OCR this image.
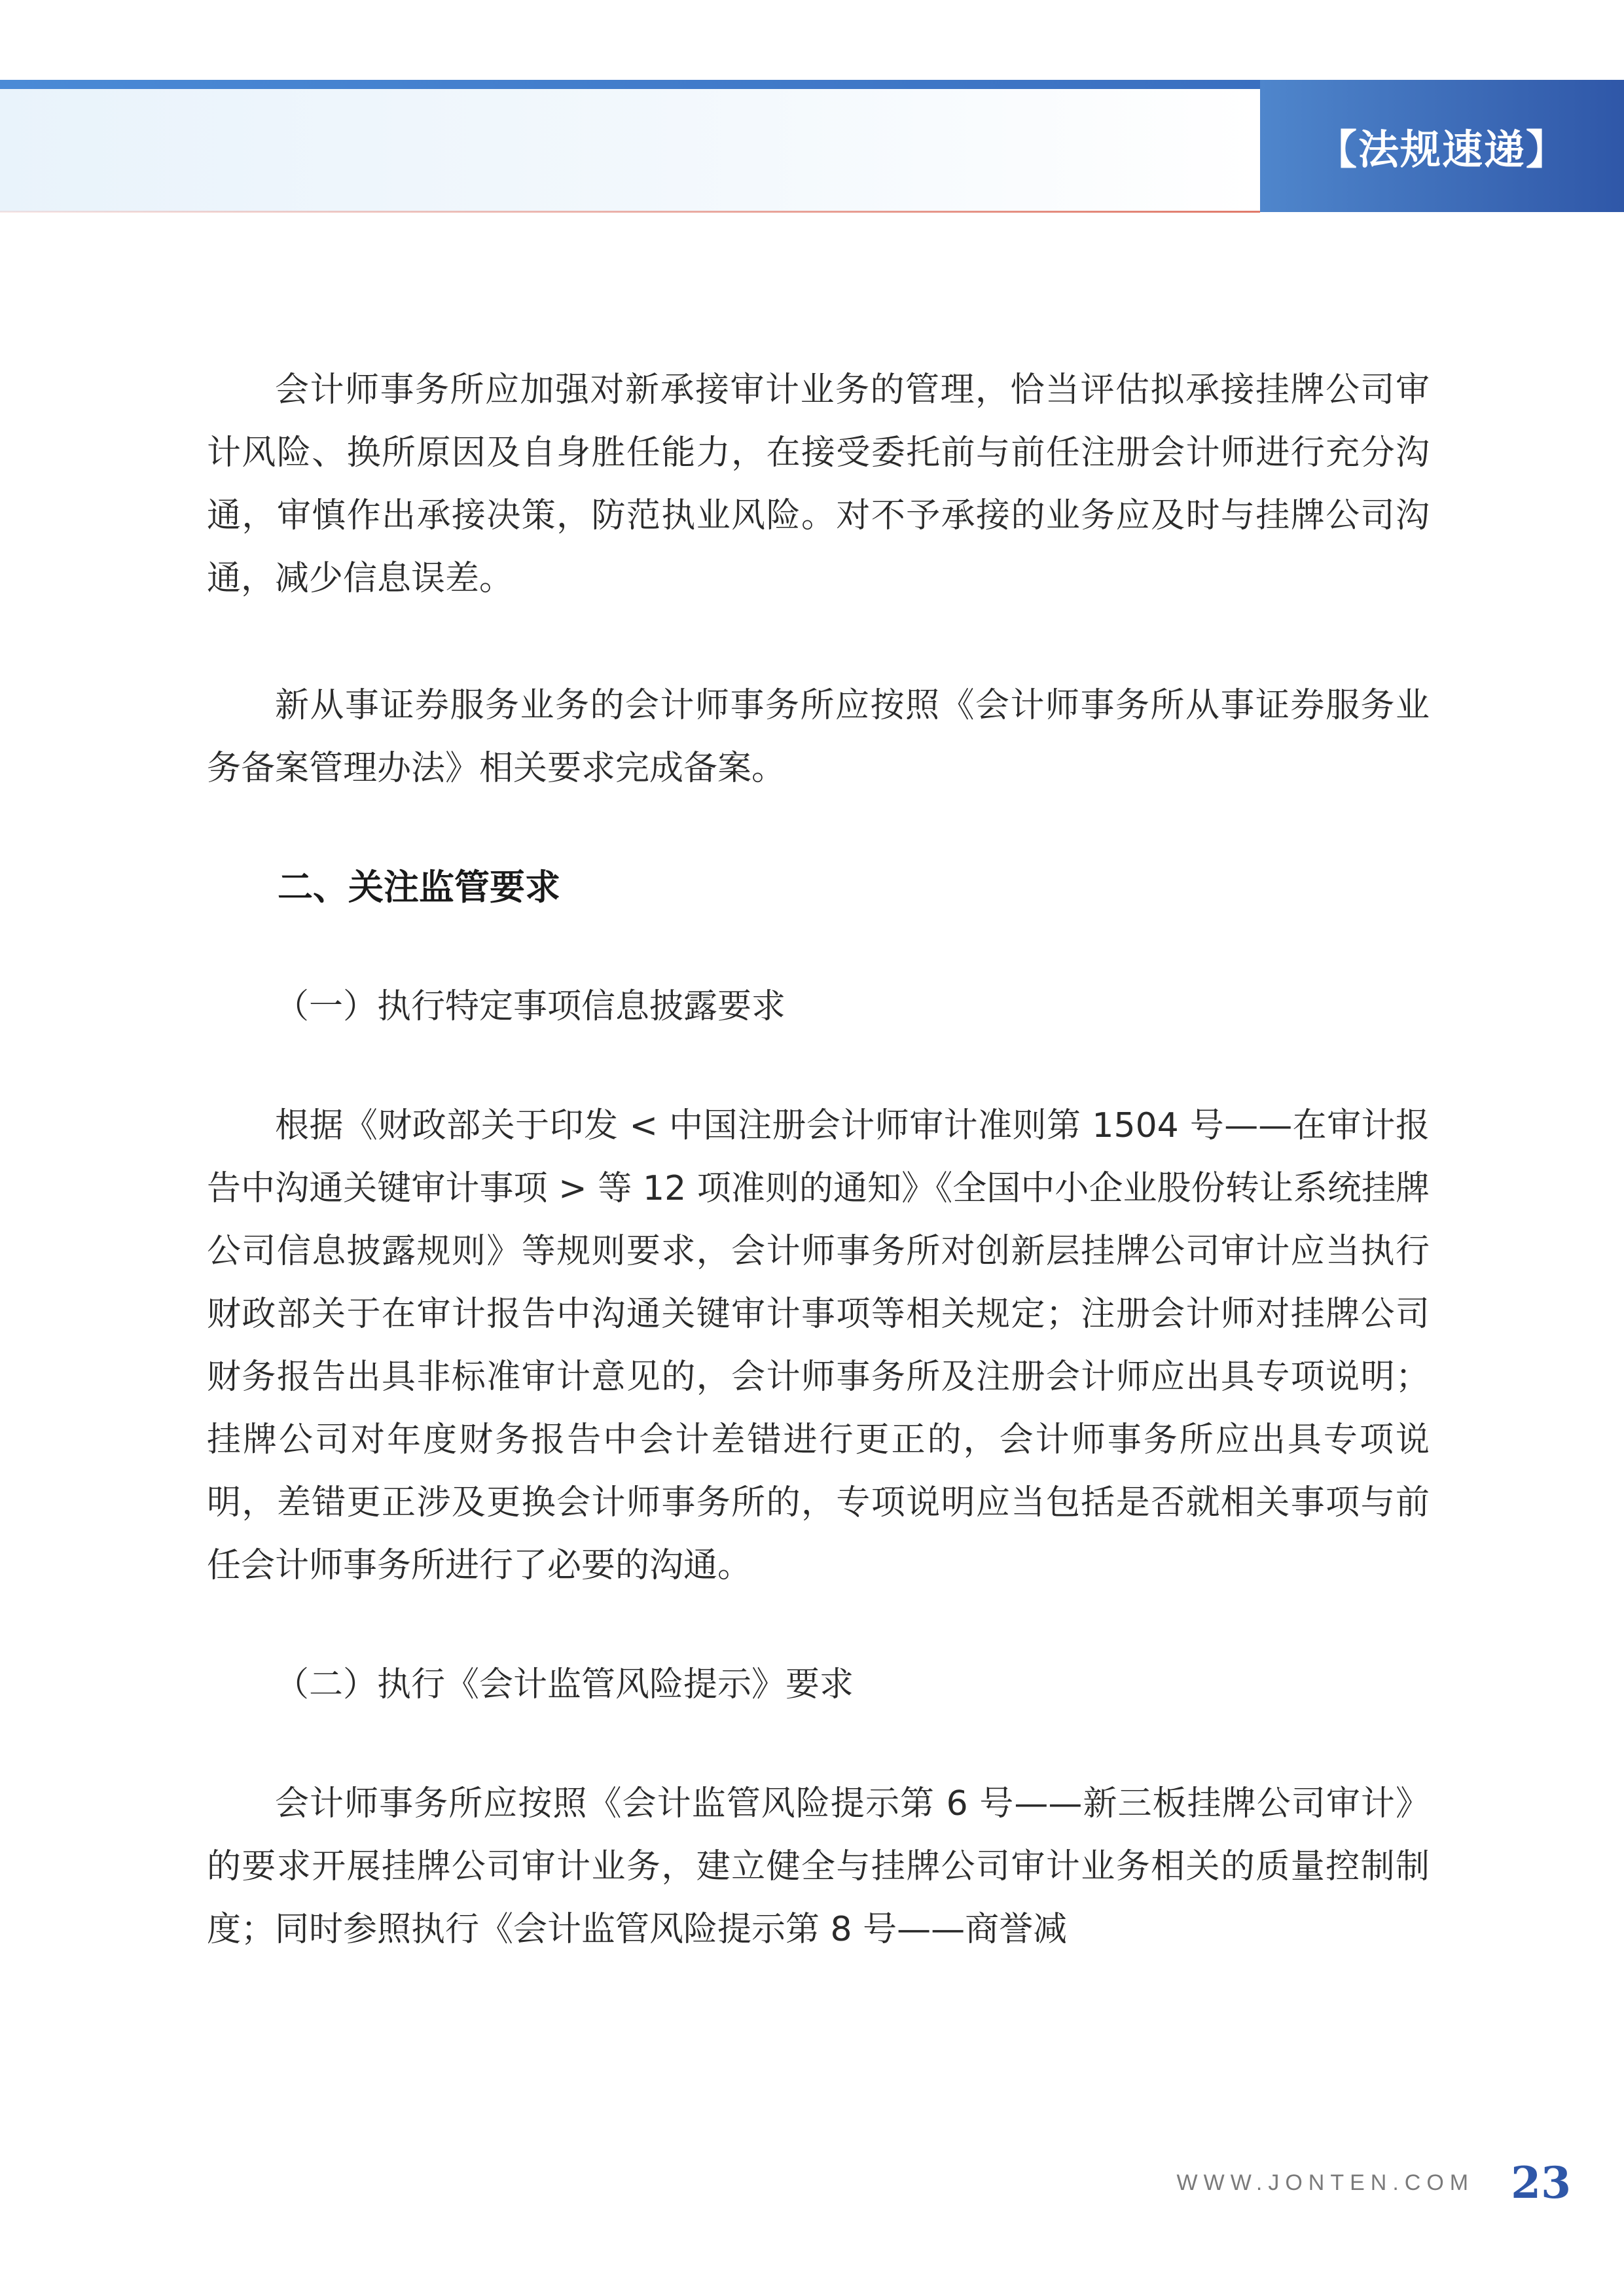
【法规速递】

会计师事务所应加强对新承接审计业务的管理，恰当评估拟承接挂牌公司审计风险、换所原因及自身胜任能力，在接受委托前与前任注册会计师进行充分沟通，审慎作出承接决策，防范执业风险。对不予承接的业务应及时与挂牌公司沟通，减少信息误差。

新从事证券服务业务的会计师事务所应按照《会计师事务所从事证券服务业务备案管理办法》相关要求完成备案。

二、关注监管要求

（一）执行特定事项信息披露要求

根据《财政部关于印发 < 中国注册会计师审计准则第 1504 号——在审计报告中沟通关键审计事项 > 等 12 项准则的通知》《全国中小企业股份转让系统挂牌公司信息披露规则》等规则要求，会计师事务所对创新层挂牌公司审计应当执行财政部关于在审计报告中沟通关键审计事项等相关规定；注册会计师对挂牌公司财务报告出具非标准审计意见的，会计师事务所及注册会计师应出具专项说明；挂牌公司对年度财务报告中会计差错进行更正的，会计师事务所应出具专项说明，差错更正涉及更换会计师事务所的，专项说明应当包括是否就相关事项与前任会计师事务所进行了必要的沟通。

（二）执行《会计监管风险提示》要求

会计师事务所应按照《会计监管风险提示第 6 号——新三板挂牌公司审计》的要求开展挂牌公司审计业务，建立健全与挂牌公司审计业务相关的质量控制制度；同时参照执行《会计监管风险提示第 8 号——商誉减

WWW.JONTEN.COM 23
